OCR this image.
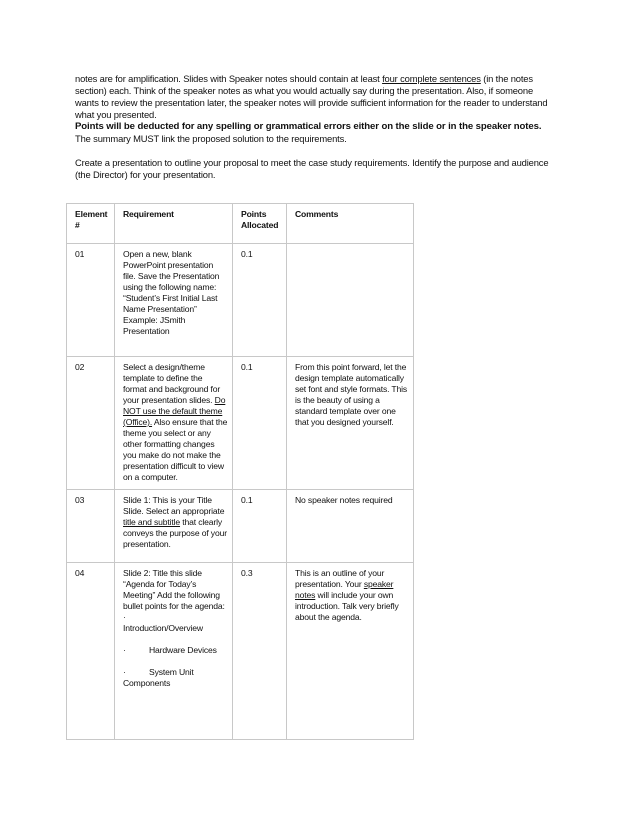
notes are for amplification. Slides with Speaker notes should contain at least four complete sentences (in the notes section) each. Think of the speaker notes as what you would actually say during the presentation. Also, if someone wants to review the presentation later, the speaker notes will provide sufficient information for the reader to understand what you presented.

Points will be deducted for any spelling or grammatical errors either on the slide or in the speaker notes.

The summary MUST link the proposed solution to the requirements.

Create a presentation to outline your proposal to meet the case study requirements. Identify the purpose and audience (the Director) for your presentation.

Element #	Requirement	Points Allocated	Comments
01	Open a new, blank PowerPoint presentation file. Save the Presentation using the following name: “Student’s First Initial Last Name Presentation” Example: JSmith Presentation	0.1	
02	Select a design/theme template to define the format and background for your presentation slides. Do NOT use the default theme (Office). Also ensure that the theme you select or any other formatting changes you make do not make the presentation difficult to view on a computer.	0.1	From this point forward, let the design template automatically set font and style formats. This is the beauty of using a standard template over one that you designed yourself.
03	Slide 1: This is your Title Slide. Select an appropriate title and subtitle that clearly conveys the purpose of your presentation.	0.1	No speaker notes required
04	Slide 2: Title this slide “Agenda for Today’s Meeting” Add the following bullet points for the agenda:
·
Introduction/Overview
· Hardware Devices
· System Unit Components	0.3	This is an outline of your presentation. Your speaker notes will include your own introduction. Talk very briefly about the agenda.
